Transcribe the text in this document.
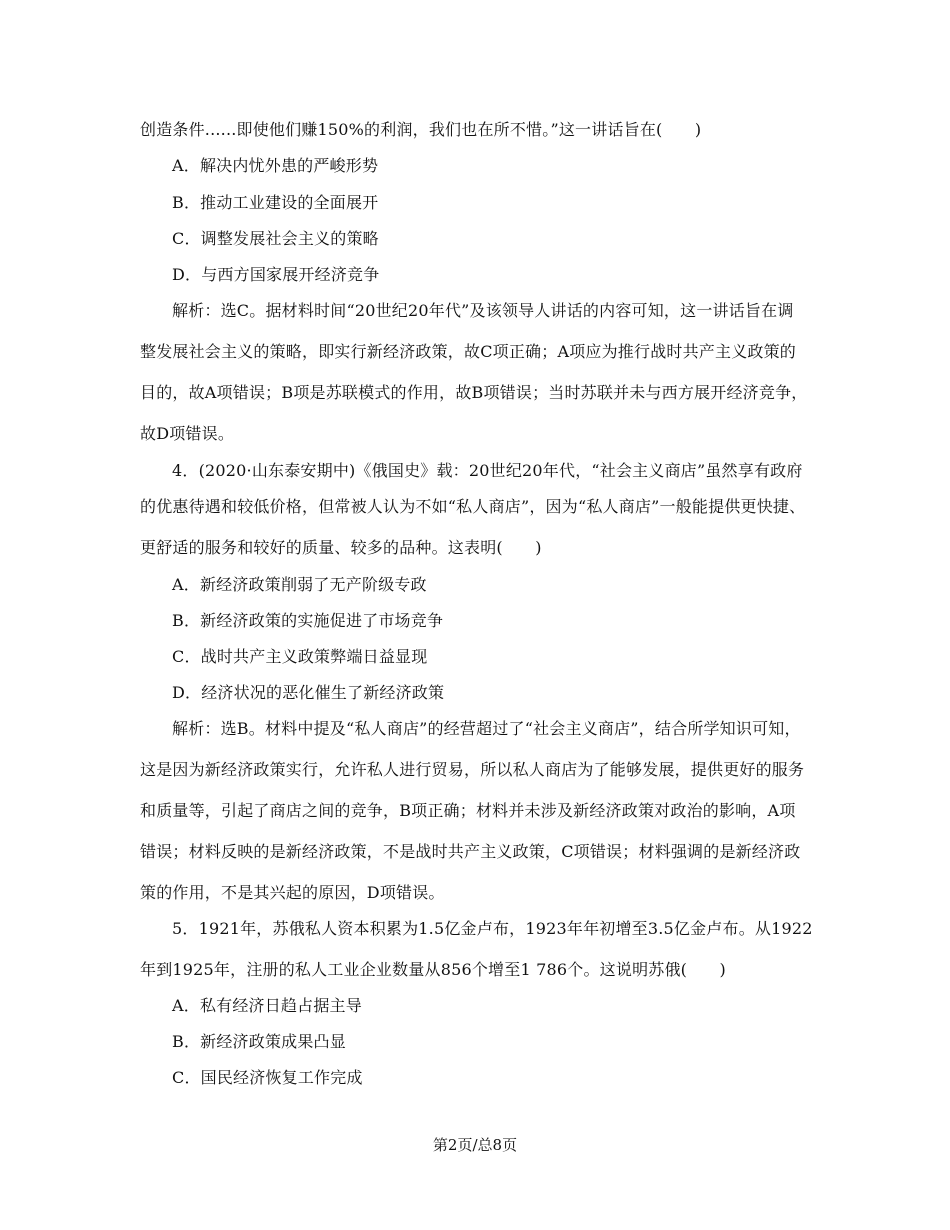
创造条件......即使他们赚150%的利润，我们也在所不惜。”这一讲话旨在(　　)
A．解决内忧外患的严峻形势
B．推动工业建设的全面展开
C．调整发展社会主义的策略
D．与西方国家展开经济竞争
解析：选C。据材料时间“20世纪20年代”及该领导人讲话的内容可知，这一讲话旨在调
整发展社会主义的策略，即实行新经济政策，故C项正确；A项应为推行战时共产主义政策的
目的，故A项错误；B项是苏联模式的作用，故B项错误；当时苏联并未与西方展开经济竞争，
故D项错误。
4．(2020·山东泰安期中)《俄国史》载：20世纪20年代，“社会主义商店”虽然享有政府
的优惠待遇和较低价格，但常被人认为不如“私人商店”，因为“私人商店”一般能提供更快捷、
更舒适的服务和较好的质量、较多的品种。这表明(　　)
A．新经济政策削弱了无产阶级专政
B．新经济政策的实施促进了市场竞争
C．战时共产主义政策弊端日益显现
D．经济状况的恶化催生了新经济政策
解析：选B。材料中提及“私人商店”的经营超过了“社会主义商店”，结合所学知识可知，
这是因为新经济政策实行，允许私人进行贸易，所以私人商店为了能够发展，提供更好的服务
和质量等，引起了商店之间的竞争，B项正确；材料并未涉及新经济政策对政治的影响，A项
错误；材料反映的是新经济政策，不是战时共产主义政策，C项错误；材料强调的是新经济政
策的作用，不是其兴起的原因，D项错误。
5．1921年，苏俄私人资本积累为1.5亿金卢布，1923年年初增至3.5亿金卢布。从1922
年到1925年，注册的私人工业企业数量从856个增至1 786个。这说明苏俄(　　)
A．私有经济日趋占据主导
B．新经济政策成果凸显
C．国民经济恢复工作完成
第2页/总8页
